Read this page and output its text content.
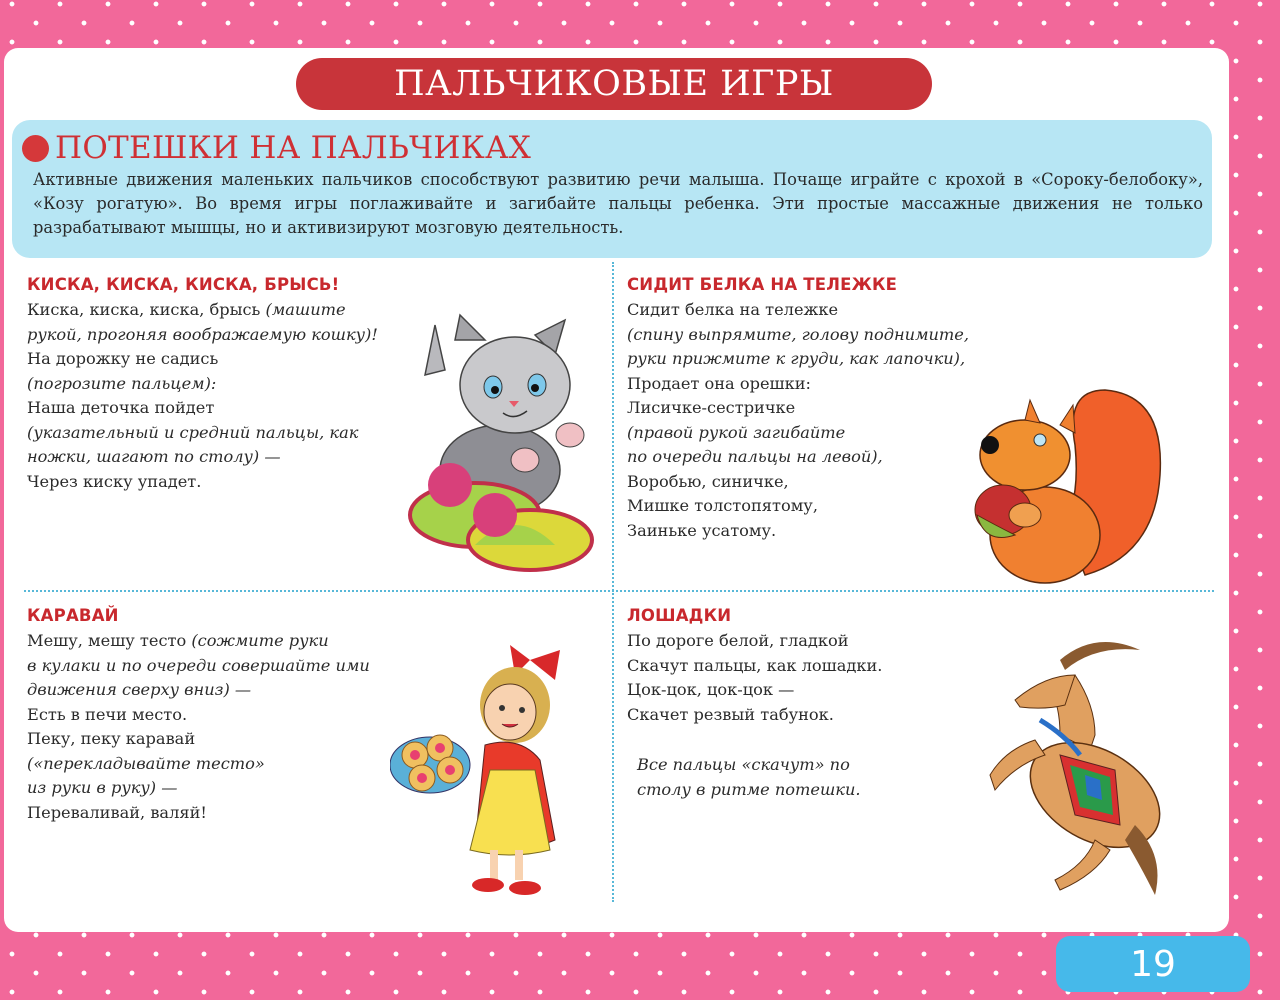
ПАЛЬЧИКОВЫЕ ИГРЫ
ПОТЕШКИ НА ПАЛЬЧИКАХ
Активные движения маленьких пальчиков способствуют развитию речи малыша. Почаще играйте с крохой в «Сороку-белобоку», «Козу рогатую». Во время игры поглаживайте и загибайте пальцы ребенка. Эти простые массажные движения не только разрабатывают мышцы, но и активизируют мозговую деятельность.
КИСКА, КИСКА, КИСКА, БРЫСЬ!
Киска, киска, киска, брысь (машите
рукой, прогоняя воображаемую кошку)!
На дорожку не садись
(погрозите пальцем):
Наша деточка пойдет
(указательный и средний пальцы, как
ножки, шагают по столу) —
Через киску упадет.
СИДИТ БЕЛКА НА ТЕЛЕЖКЕ
Сидит белка на тележке
(спину выпрямите, голову поднимите,
руки прижмите к груди, как лапочки),
Продает она орешки:
Лисичке-сестричке
(правой рукой загибайте
по очереди пальцы на левой),
Воробью, синичке,
Мишке толстопятому,
Заиньке усатому.
КАРАВАЙ
Мешу, мешу тесто (сожмите руки
в кулаки и по очереди совершайте ими
движения сверху вниз) —
Есть в печи место.
Пеку, пеку каравай
(«перекладывайте тесто»
из руки в руку) —
Переваливай, валяй!
ЛОШАДКИ
По дороге белой, гладкой
Скачут пальцы, как лошадки.
Цок-цок, цок-цок —
Скачет резвый табунок.
Все пальцы «скачут» по
столу в ритме потешки.
19
